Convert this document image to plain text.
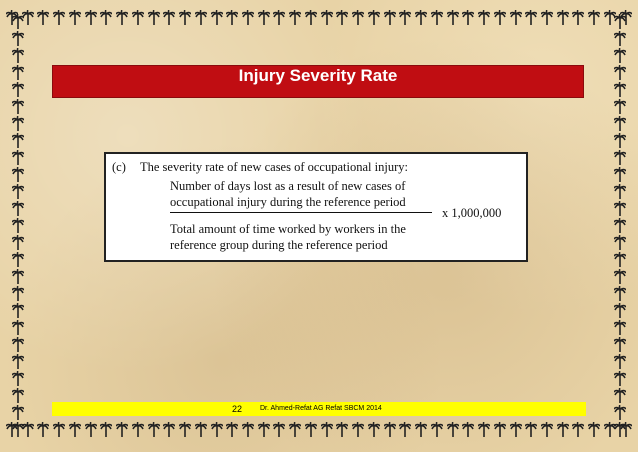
Injury Severity Rate
(c) The severity rate of new cases of occupational injury:
Number of days lost as a result of new cases of
occupational injury during the reference period
x 1,000,000
Total amount of time worked by workers in the
reference group during the reference period
22	Dr. Ahmed-Refat AG Refat SBCM 2014
